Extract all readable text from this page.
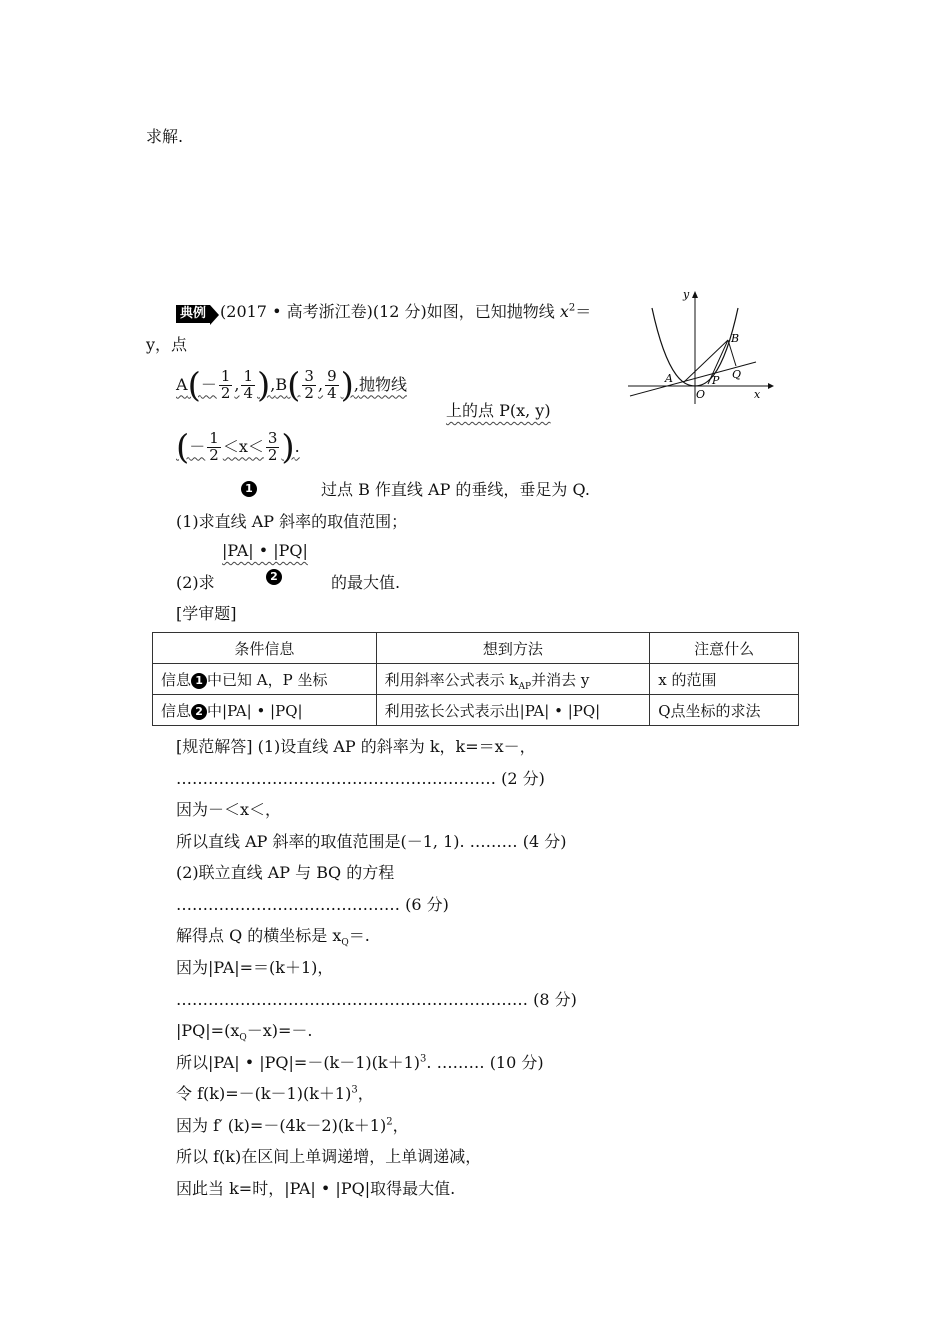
求解.
典例 (2017 • 高考浙江卷)(12 分)如图，已知抛物线 $x^2=$
y，点
$A(- \frac{1}{2}$ , $\frac{1}{4} ),B( \frac{3}{2}$ , $\frac{9}{4}$ ),抛物线
上的点 P(x, y)
(－ $\frac{1}{2} <x< \frac{3}{2}$ ).
1	过点 B 作直线 AP 的垂线，垂足为 Q.
(1)求直线 AP 斜率的取值范围；
|PA| • |PQ|
2
(2)求	的最大值.
y
x
O
A
B
P Q
[学审题]
条件信息	想到方法	注意什么
信息 1 中已知 A，P 坐标	利用斜率公式表示 $k_{AP}$并消去 y	x 的范围
信息 2 中|PA| • |PQ|	利用弦长公式表示出|PA| • |PQ|	Q点坐标的求法
[规范解答] (1)设直线 AP 的斜率为 k，k=＝x－，
…………………………………………………… (2 分)
因为－＜x＜，
所以直线 AP 斜率的取值范围是(－1, 1). ……… (4 分)
(2)联立直线 AP 与 BQ 的方程
…………………………………… (6 分)
解得点 Q 的横坐标是 $x_Q=$.
因为|PA|=＝(k＋1)，
………………………………………………………… (8 分)
$|PQ|=(x_Q-x)=-$.
所以|PA| • $|PQ|=-(k-1)(k+1)^3$. ……… (10 分)
令 $f(k)=-(k-1)(k+1)^3$，
因为 f′ $(k)=-(4k-2)(k+1)^2$，
所以 f(k)在区间上单调递增，上单调递减，
因此当 k=时，|PA| • |PQ|取得最大值.
